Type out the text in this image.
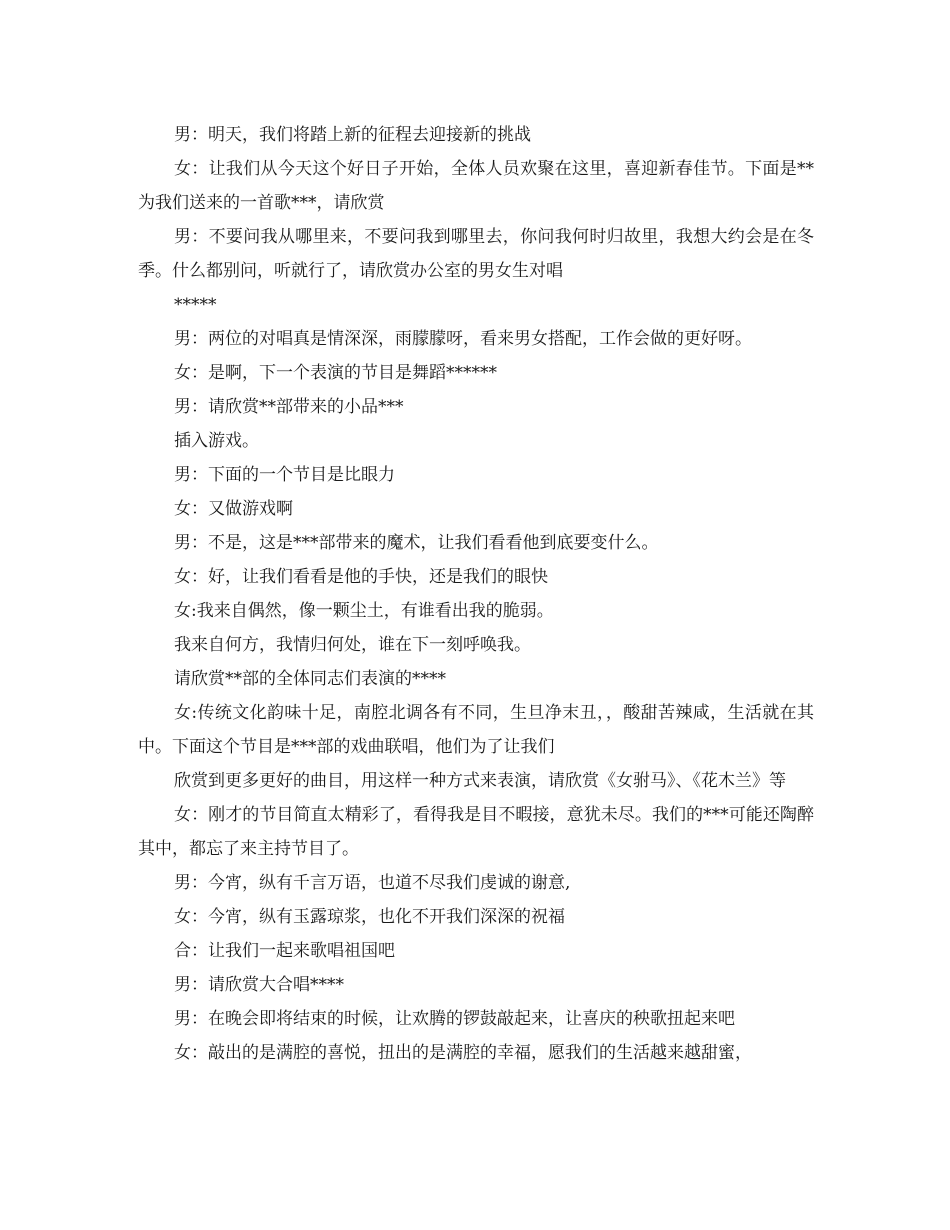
男：明天，我们将踏上新的征程去迎接新的挑战

女：让我们从今天这个好日子开始，全体人员欢聚在这里，喜迎新春佳节。下面是**为我们送来的一首歌***，请欣赏

男：不要问我从哪里来，不要问我到哪里去，你问我何时归故里，我想大约会是在冬季。什么都别问，听就行了，请欣赏办公室的男女生对唱

*****

男：两位的对唱真是情深深，雨朦朦呀，看来男女搭配，工作会做的更好呀。

女：是啊，下一个表演的节目是舞蹈******

男：请欣赏**部带来的小品***

插入游戏。

男：下面的一个节目是比眼力

女：又做游戏啊

男：不是，这是***部带来的魔术，让我们看看他到底要变什么。

女：好，让我们看看是他的手快，还是我们的眼快

女:我来自偶然，像一颗尘土，有谁看出我的脆弱。

我来自何方，我情归何处，谁在下一刻呼唤我。

请欣赏**部的全体同志们表演的****

女:传统文化韵味十足，南腔北调各有不同，生旦净末丑，，酸甜苦辣咸，生活就在其中。下面这个节目是***部的戏曲联唱，他们为了让我们

欣赏到更多更好的曲目，用这样一种方式来表演，请欣赏《女驸马》、《花木兰》等

女：刚才的节目简直太精彩了，看得我是目不暇接，意犹未尽。我们的***可能还陶醉其中，都忘了来主持节目了。

男：今宵，纵有千言万语，也道不尽我们虔诚的谢意,

女：今宵，纵有玉露琼浆，也化不开我们深深的祝福

合：让我们一起来歌唱祖国吧

男：请欣赏大合唱****

男：在晚会即将结束的时候，让欢腾的锣鼓敲起来，让喜庆的秧歌扭起来吧

女：敲出的是满腔的喜悦，扭出的是满腔的幸福，愿我们的生活越来越甜蜜，
